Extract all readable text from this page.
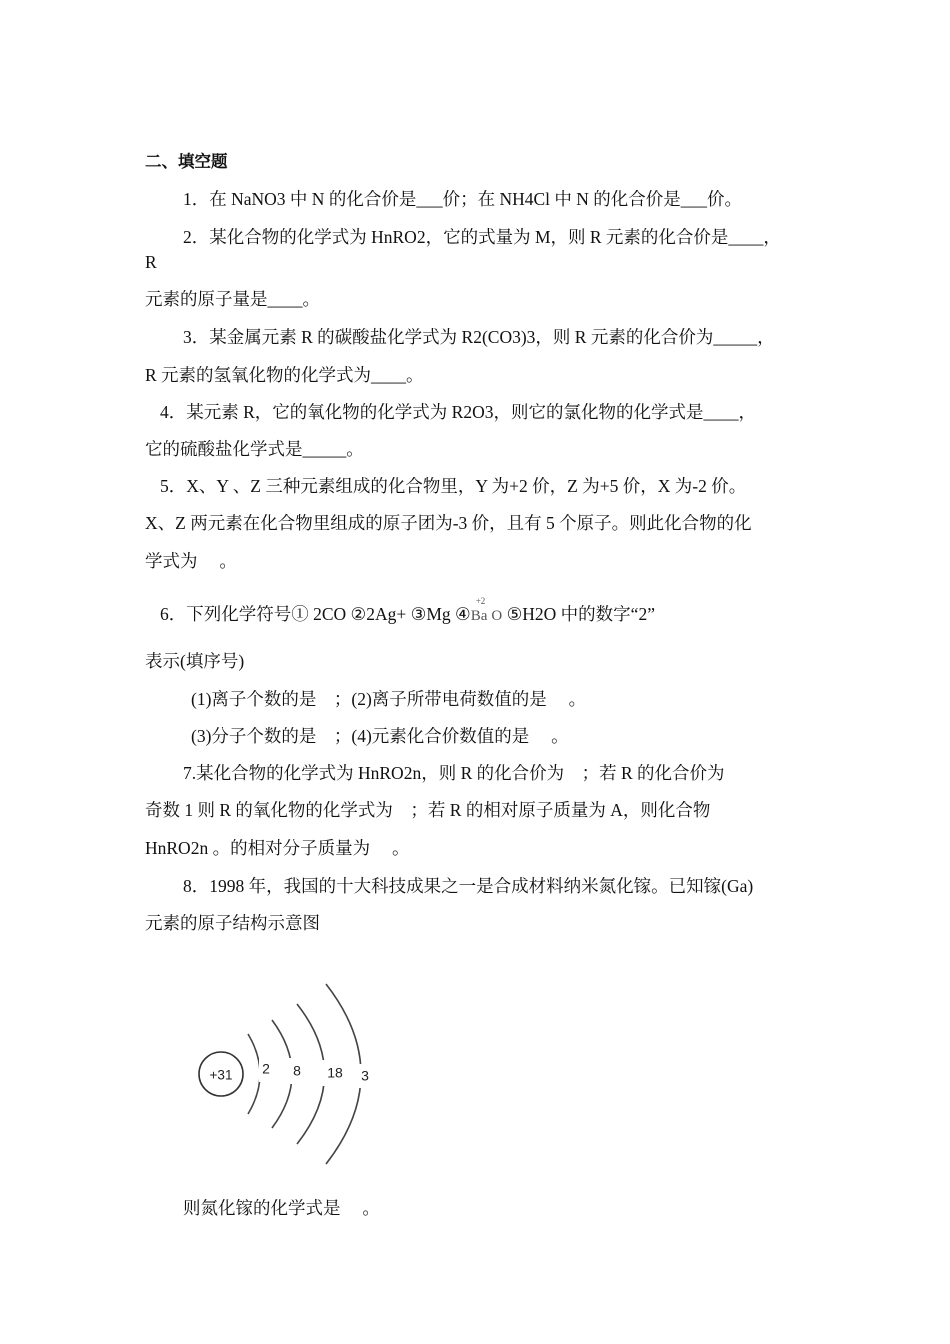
二、填空题
1．在 NaNO3 中 N 的化合价是___价；在 NH4Cl 中 N 的化合价是___价。
2．某化合物的化学式为 HnRO2，它的式量为 M，则 R 元素的化合价是____，
R
元素的原子量是____。
3．某金属元素 R 的碳酸盐化学式为 R2(CO3)3，则 R 元素的化合价为_____，
R 元素的氢氧化物的化学式为____。
4．某元素 R，它的氧化物的化学式为 R2O3，则它的氯化物的化学式是____，
它的硫酸盐化学式是_____。
5．X、Y 、Z 三种元素组成的化合物里，Y 为+2 价，Z 为+5 价，X 为-2 价。
X、Z 两元素在化合物里组成的原子团为-3 价，且有 5 个原子。则此化合物的化
学式为　 。
6．下列化学符号① 2CO ②2Ag+ ③Mg ④
+2
Ba O ⑤H2O 中的数字“2”
表示(填序号)
(1)离子个数的是　；(2)离子所带电荷数值的是　 。
(3)分子个数的是　；(4)元素化合价数值的是　 。
7.某化合物的化学式为 HnRO2n，则 R 的化合价为　；若 R 的化合价为
奇数 1 则 R 的氧化物的化学式为　；若 R 的相对原子质量为 A，则化合物
HnRO2n 。的相对分子质量为　 。
8．1998 年，我国的十大科技成果之一是合成材料纳米氮化镓。已知镓(Ga)
元素的原子结构示意图
+31 2 8 18 3
则氮化镓的化学式是　 。
